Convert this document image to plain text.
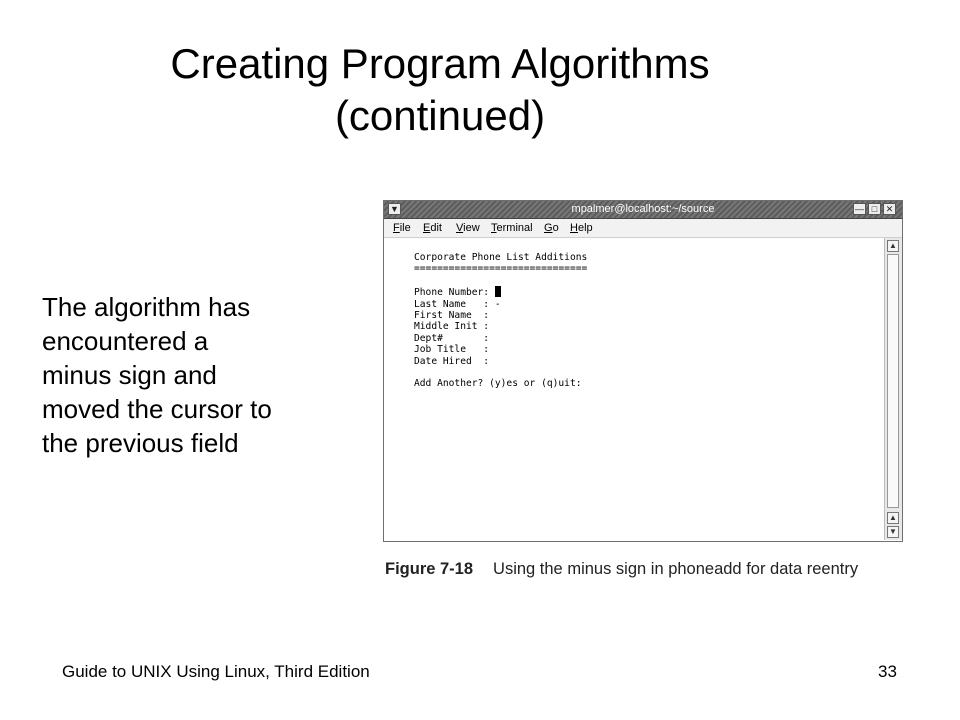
Creating Program Algorithms
(continued)
The algorithm has
encountered a
minus sign and
moved the cursor to
the previous field
▼	mpalmer@localhost:~/source	— □ ✕
File Edit View Terminal Go Help
Corporate Phone List Additions
==============================

Phone Number:
Last Name   : -
First Name  :
Middle Init :
Dept#       :
Job Title   :
Date Hired  :

Add Another? (y)es or (q)uit:
▲
▲
▼
Figure 7-18 Using the minus sign in phoneadd for data reentry
Guide to UNIX Using Linux, Third Edition	33
